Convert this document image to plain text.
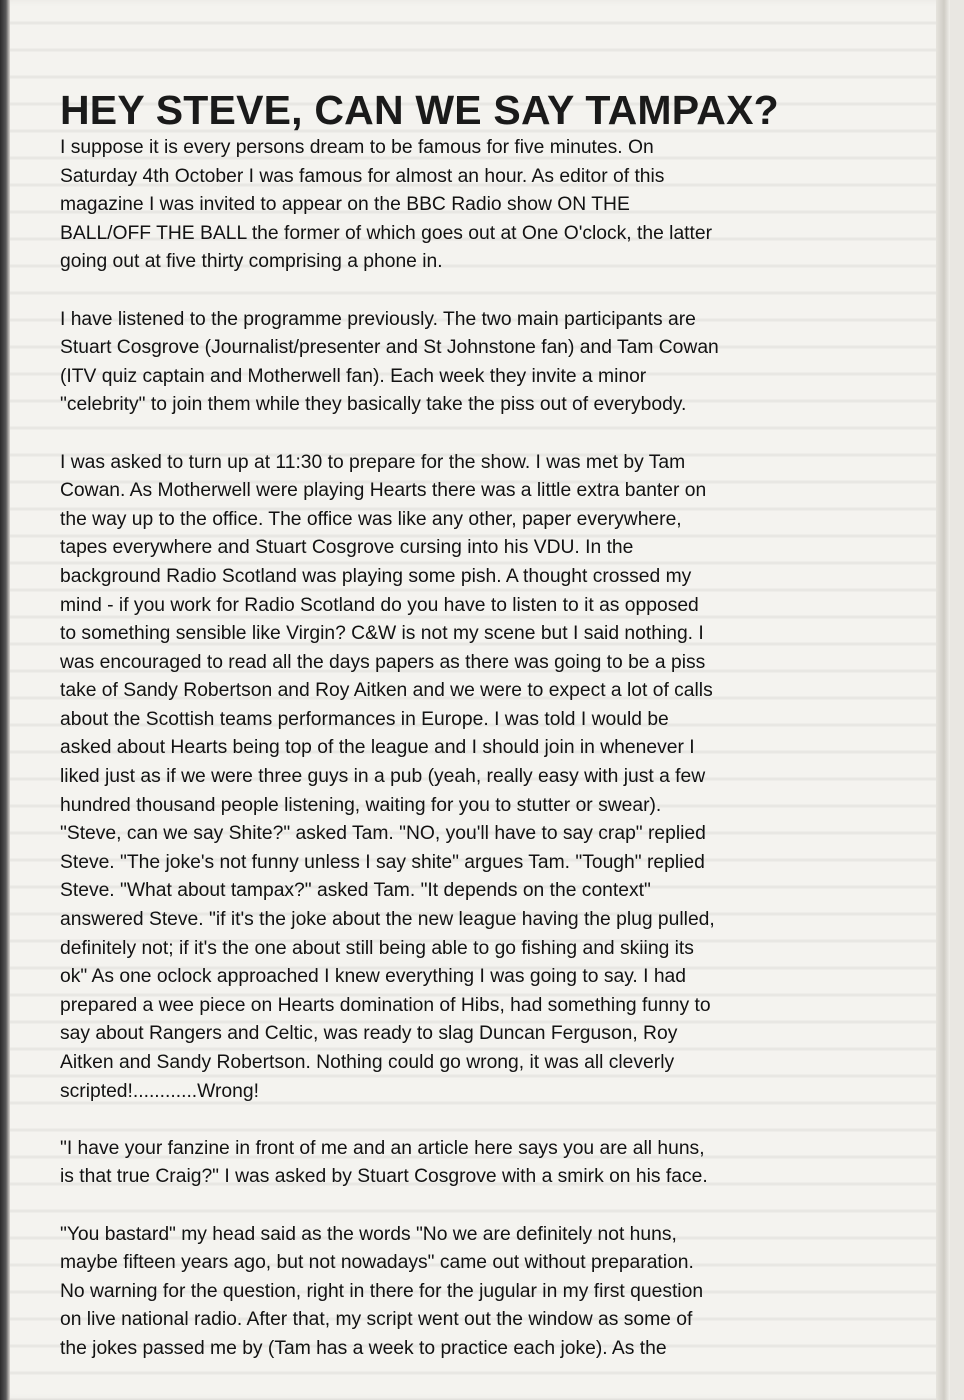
HEY STEVE, CAN WE SAY TAMPAX?

I suppose it is every persons dream to be famous for five minutes. On
Saturday 4th October I was famous for almost an hour. As editor of this
magazine I was invited to appear on the BBC Radio show ON THE
BALL/OFF THE BALL the former of which goes out at One O'clock, the latter
going out at five thirty comprising a phone in.

I have listened to the programme previously. The two main participants are
Stuart Cosgrove (Journalist/presenter and St Johnstone fan) and Tam Cowan
(ITV quiz captain and Motherwell fan). Each week they invite a minor
"celebrity" to join them while they basically take the piss out of everybody.

I was asked to turn up at 11:30 to prepare for the show. I was met by Tam
Cowan. As Motherwell were playing Hearts there was a little extra banter on
the way up to the office. The office was like any other, paper everywhere,
tapes everywhere and Stuart Cosgrove cursing into his VDU. In the
background Radio Scotland was playing some pish. A thought crossed my
mind - if you work for Radio Scotland do you have to listen to it as opposed
to something sensible like Virgin? C&W is not my scene but I said nothing. I
was encouraged to read all the days papers as there was going to be a piss
take of Sandy Robertson and Roy Aitken and we were to expect a lot of calls
about the Scottish teams performances in Europe. I was told I would be
asked about Hearts being top of the league and I should join in whenever I
liked just as if we were three guys in a pub (yeah, really easy with just a few
hundred thousand people listening, waiting for you to stutter or swear).
"Steve, can we say Shite?" asked Tam. "NO, you'll have to say crap" replied
Steve. "The joke's not funny unless I say shite" argues Tam. "Tough" replied
Steve. "What about tampax?" asked Tam. "It depends on the context"
answered Steve. "if it's the joke about the new league having the plug pulled,
definitely not; if it's the one about still being able to go fishing and skiing its
ok" As one oclock approached I knew everything I was going to say. I had
prepared a wee piece on Hearts domination of Hibs, had something funny to
say about Rangers and Celtic, was ready to slag Duncan Ferguson, Roy
Aitken and Sandy Robertson. Nothing could go wrong, it was all cleverly
scripted!............Wrong!

"I have your fanzine in front of me and an article here says you are all huns,
is that true Craig?" I was asked by Stuart Cosgrove with a smirk on his face.

"You bastard" my head said as the words "No we are definitely not huns,
maybe fifteen years ago, but not nowadays" came out without preparation.
No warning for the question, right in there for the jugular in my first question
on live national radio. After that, my script went out the window as some of
the jokes passed me by (Tam has a week to practice each joke). As the
